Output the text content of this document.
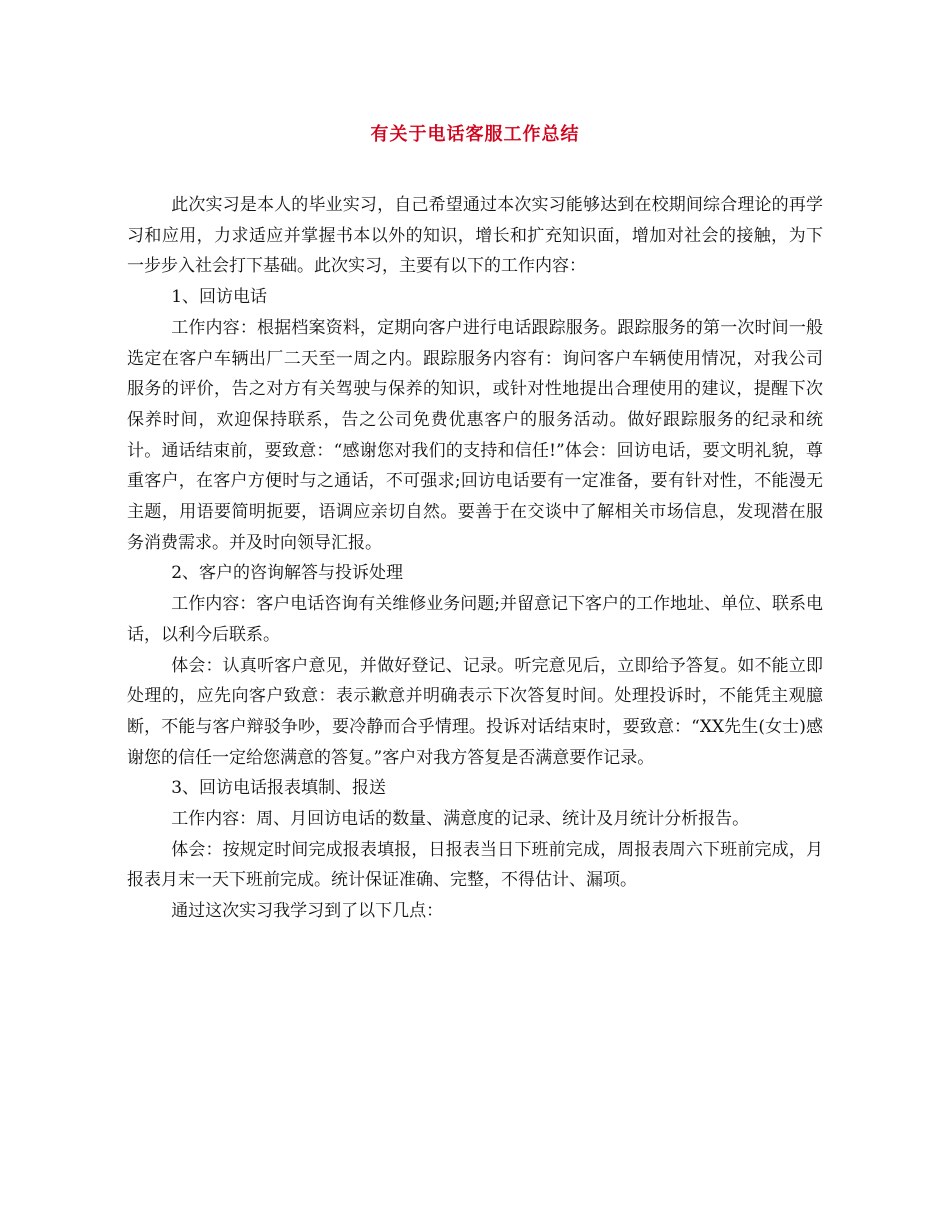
有关于电话客服工作总结

此次实习是本人的毕业实习，自己希望通过本次实习能够达到在校期间综合理论的再学习和应用，力求适应并掌握书本以外的知识，增长和扩充知识面，增加对社会的接触，为下一步步入社会打下基础。此次实习，主要有以下的工作内容：

1、回访电话

工作内容：根据档案资料，定期向客户进行电话跟踪服务。跟踪服务的第一次时间一般选定在客户车辆出厂二天至一周之内。跟踪服务内容有：询问客户车辆使用情况，对我公司服务的评价，告之对方有关驾驶与保养的知识，或针对性地提出合理使用的建议，提醒下次保养时间，欢迎保持联系，告之公司免费优惠客户的服务活动。做好跟踪服务的纪录和统计。通话结束前，要致意：“感谢您对我们的支持和信任!”体会：回访电话，要文明礼貌，尊重客户，在客户方便时与之通话，不可强求;回访电话要有一定准备，要有针对性，不能漫无主题，用语要简明扼要，语调应亲切自然。要善于在交谈中了解相关市场信息，发现潜在服务消费需求。并及时向领导汇报。

2、客户的咨询解答与投诉处理

工作内容：客户电话咨询有关维修业务问题;并留意记下客户的工作地址、单位、联系电话，以利今后联系。

体会：认真听客户意见，并做好登记、记录。听完意见后，立即给予答复。如不能立即处理的，应先向客户致意：表示歉意并明确表示下次答复时间。处理投诉时，不能凭主观臆断，不能与客户辩驳争吵，要冷静而合乎情理。投诉对话结束时，要致意：“XX先生(女士)感谢您的信任一定给您满意的答复。”客户对我方答复是否满意要作记录。

3、回访电话报表填制、报送

工作内容：周、月回访电话的数量、满意度的记录、统计及月统计分析报告。

体会：按规定时间完成报表填报，日报表当日下班前完成，周报表周六下班前完成，月报表月末一天下班前完成。统计保证准确、完整，不得估计、漏项。

通过这次实习我学习到了以下几点：
